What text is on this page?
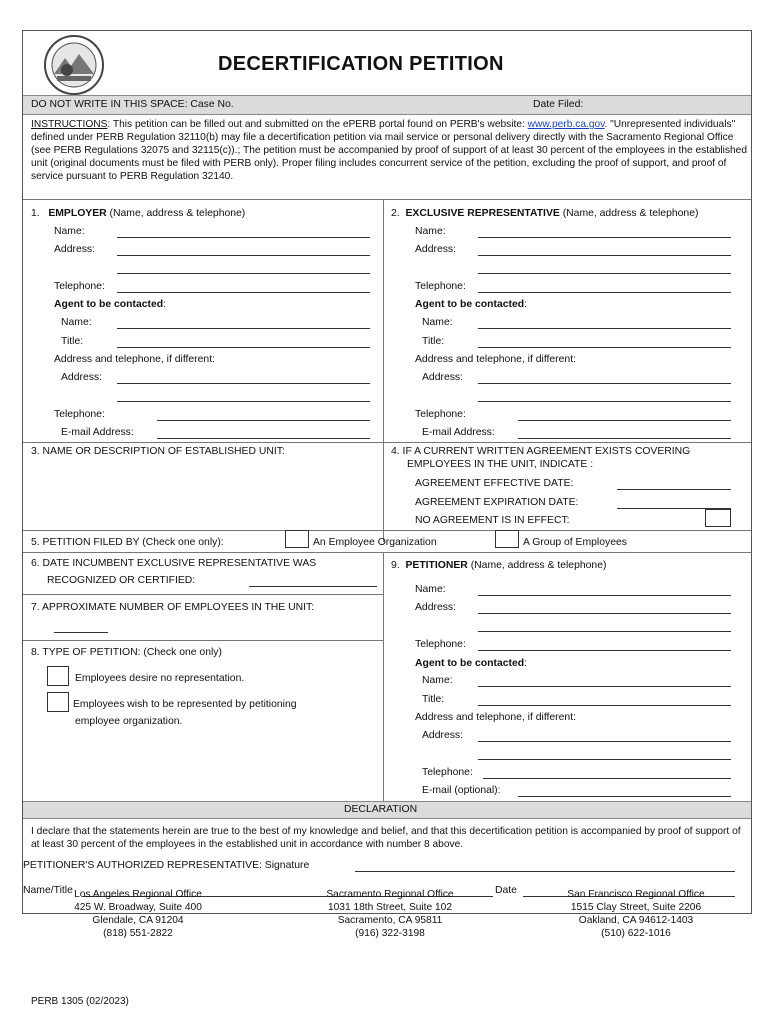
DECERTIFICATION PETITION
DO NOT WRITE IN THIS SPACE: Case No.	Date Filed:
INSTRUCTIONS: This petition can be filled out and submitted on the ePERB portal found on PERB's website: www.perb.ca.gov. "Unrepresented individuals" defined under PERB Regulation 32110(b) may file a decertification petition via mail service or personal delivery directly with the Sacramento Regional Office (see PERB Regulations 32075 and 32115(c)).; The petition must be accompanied by proof of support of at least 30 percent of the employees in the established unit (original documents must be filed with PERB only). Proper filing includes concurrent service of the petition, excluding the proof of support, and proof of service pursuant to PERB Regulation 32140.
1. EMPLOYER (Name, address & telephone)
Name:
Address:
Telephone:
Agent to be contacted:
Name:
Title:
Address and telephone, if different:
Address:
Telephone:
E-mail Address:
2. EXCLUSIVE REPRESENTATIVE (Name, address & telephone)
Name:
Address:
Telephone:
Agent to be contacted:
Name:
Title:
Address and telephone, if different:
Address:
Telephone:
E-mail Address:
3. NAME OR DESCRIPTION OF ESTABLISHED UNIT:	4. IF A CURRENT WRITTEN AGREEMENT EXISTS COVERING
EMPLOYEES IN THE UNIT, INDICATE :
AGREEMENT EFFECTIVE DATE:
AGREEMENT EXPIRATION DATE:
NO AGREEMENT IS IN EFFECT:
5. PETITION FILED BY (Check one only):	An Employee Organization	A Group of Employees
6. DATE INCUMBENT EXCLUSIVE REPRESENTATIVE WAS
RECOGNIZED OR CERTIFIED:
7. APPROXIMATE NUMBER OF EMPLOYEES IN THE UNIT:
8. TYPE OF PETITION: (Check one only)
Employees desire no representation.
Employees wish to be represented by petitioning
employee organization.
9. PETITIONER (Name, address & telephone)
Name:
Address:
Telephone:
Agent to be contacted:
Name:
Title:
Address and telephone, if different:
Address:
Telephone:
E-mail (optional):
DECLARATION
I declare that the statements herein are true to the best of my knowledge and belief, and that this decertification petition is accompanied by proof of support of at least 30 percent of the employees in the established unit in accordance with number 8 above.
PETITIONER'S AUTHORIZED REPRESENTATIVE: Signature
Name/Title	Date
Los Angeles Regional Office
425 W. Broadway, Suite 400
Glendale, CA 91204
(818) 551-2822
Sacramento Regional Office
1031 18th Street, Suite 102
Sacramento, CA 95811
(916) 322-3198
San Francisco Regional Office
1515 Clay Street, Suite 2206
Oakland, CA 94612-1403
(510) 622-1016
PERB 1305 (02/2023)
